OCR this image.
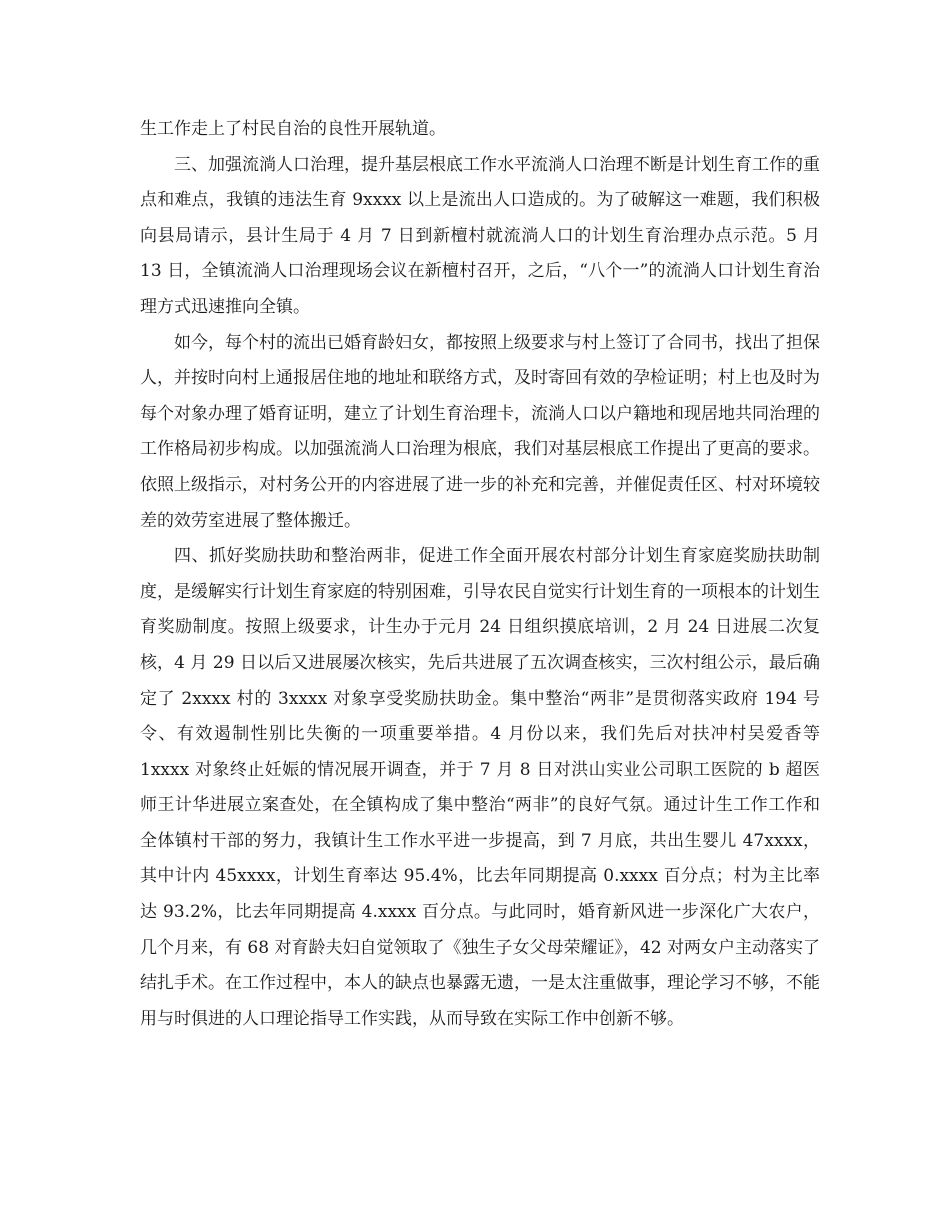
生工作走上了村民自治的良性开展轨道。

三、加强流淌人口治理，提升基层根底工作水平流淌人口治理不断是计划生育工作的重点和难点，我镇的违法生育 9xxxx 以上是流出人口造成的。为了破解这一难题，我们积极向县局请示，县计生局于 4 月 7 日到新檀村就流淌人口的计划生育治理办点示范。5 月 13 日，全镇流淌人口治理现场会议在新檀村召开，之后，“八个一”的流淌人口计划生育治理方式迅速推向全镇。

如今，每个村的流出已婚育龄妇女，都按照上级要求与村上签订了合同书，找出了担保人，并按时向村上通报居住地的地址和联络方式，及时寄回有效的孕检证明；村上也及时为每个对象办理了婚育证明，建立了计划生育治理卡，流淌人口以户籍地和现居地共同治理的工作格局初步构成。以加强流淌人口治理为根底，我们对基层根底工作提出了更高的要求。依照上级指示，对村务公开的内容进展了进一步的补充和完善，并催促责任区、村对环境较差的效劳室进展了整体搬迁。

四、抓好奖励扶助和整治两非，促进工作全面开展农村部分计划生育家庭奖励扶助制度，是缓解实行计划生育家庭的特别困难，引导农民自觉实行计划生育的一项根本的计划生育奖励制度。按照上级要求，计生办于元月 24 日组织摸底培训，2 月 24 日进展二次复核，4 月 29 日以后又进展屡次核实，先后共进展了五次调查核实，三次村组公示，最后确定了 2xxxx 村的 3xxxx 对象享受奖励扶助金。集中整治“两非”是贯彻落实政府 194 号令、有效遏制性别比失衡的一项重要举措。4 月份以来，我们先后对扶冲村吴爱香等 1xxxx 对象终止妊娠的情况展开调查，并于 7 月 8 日对洪山实业公司职工医院的 b 超医师王计华进展立案查处，在全镇构成了集中整治“两非”的良好气氛。通过计生工作工作和全体镇村干部的努力，我镇计生工作水平进一步提高，到 7 月底，共出生婴儿 47xxxx，其中计内 45xxxx，计划生育率达 95.4%，比去年同期提高 0.xxxx 百分点；村为主比率达 93.2%，比去年同期提高 4.xxxx 百分点。与此同时，婚育新风进一步深化广大农户，几个月来，有 68 对育龄夫妇自觉领取了《独生子女父母荣耀证》，42 对两女户主动落实了结扎手术。在工作过程中，本人的缺点也暴露无遗，一是太注重做事，理论学习不够，不能用与时俱进的人口理论指导工作实践，从而导致在实际工作中创新不够。
